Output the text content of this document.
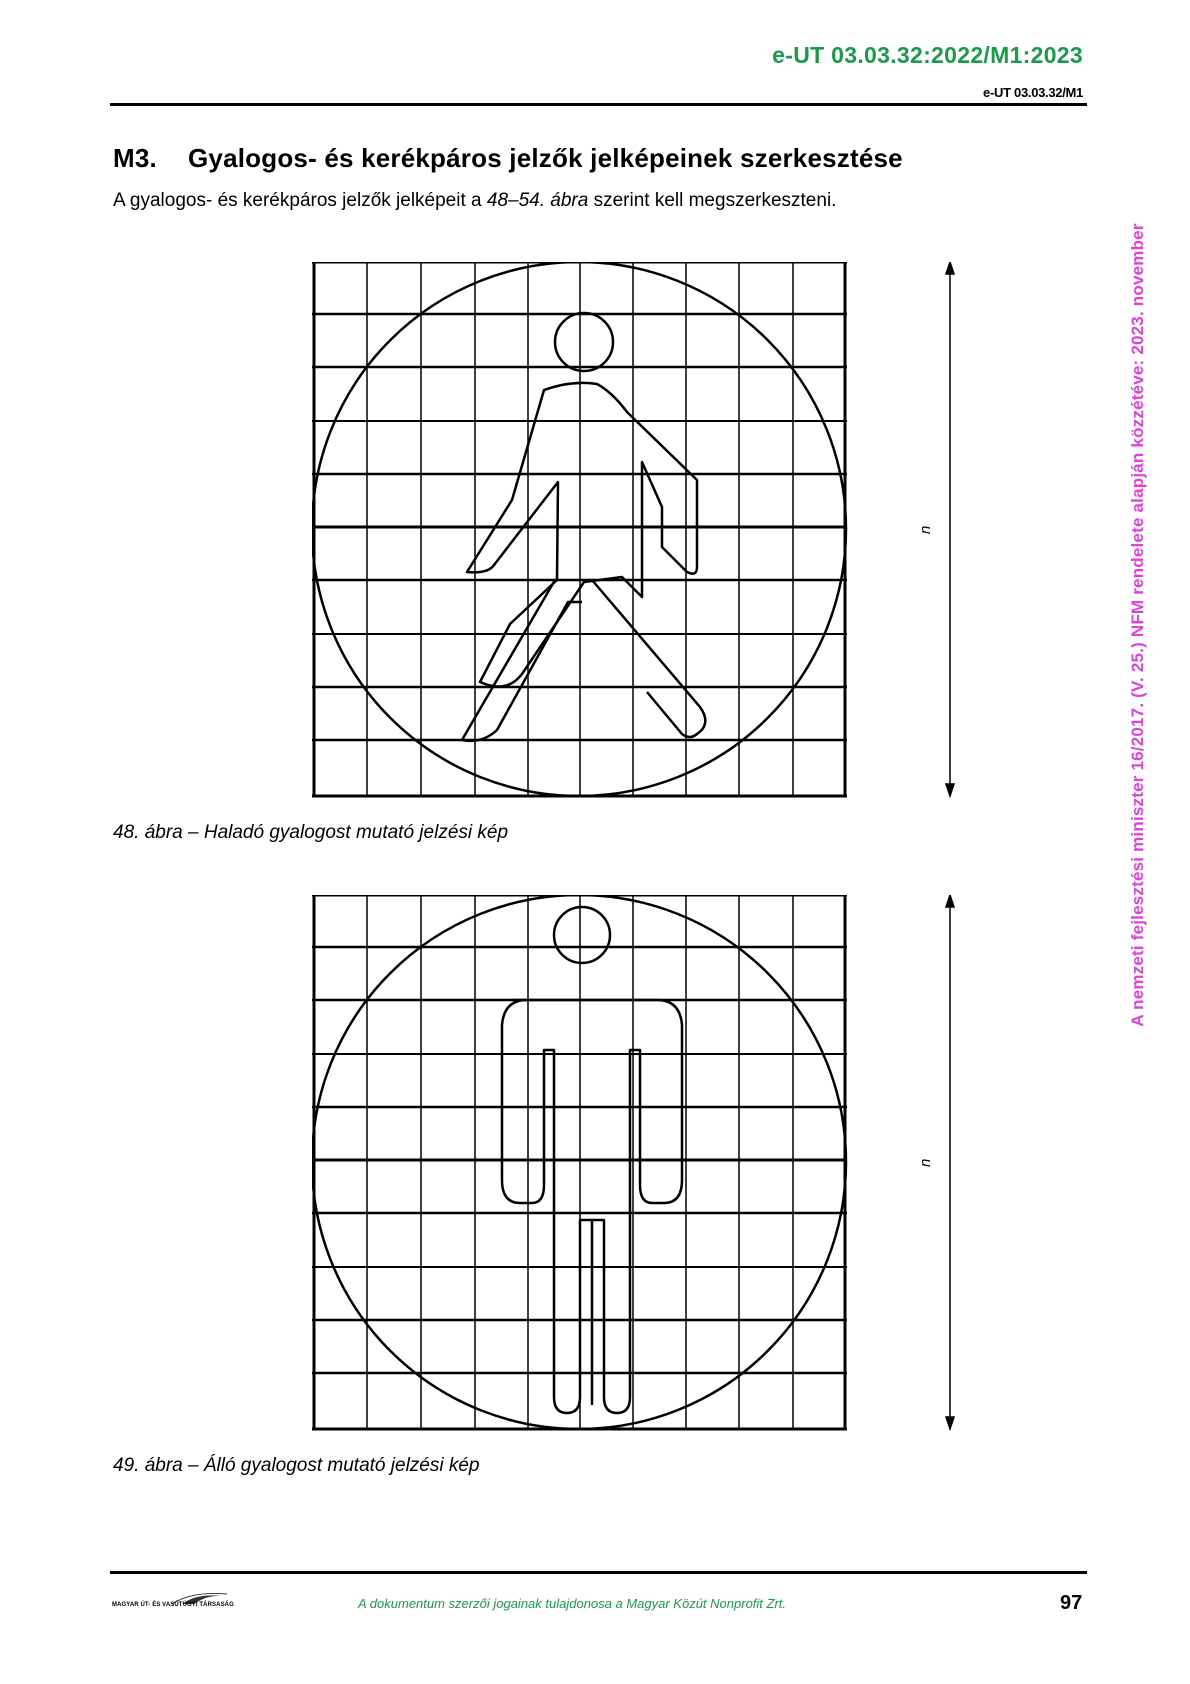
e-UT 03.03.32:2022/M1:2023
e-UT 03.03.32/M1
M3. Gyalogos- és kerékpáros jelzők jelképeinek szerkesztése
A gyalogos- és kerékpáros jelzők jelképeit a 48–54. ábra szerint kell megszerkeszteni.
n
48. ábra – Haladó gyalogost mutató jelzési kép
n
49. ábra – Álló gyalogost mutató jelzési kép
A nemzeti fejlesztési miniszter 16/2017. (V. 25.) NFM rendelete alapján közzétéve: 2023. november
MAGYAR ÚT- ÉS VASÚTÜGYI TÁRSASÁG	A dokumentum szerzői jogainak tulajdonosa a Magyar Közút Nonprofit Zrt.	97
